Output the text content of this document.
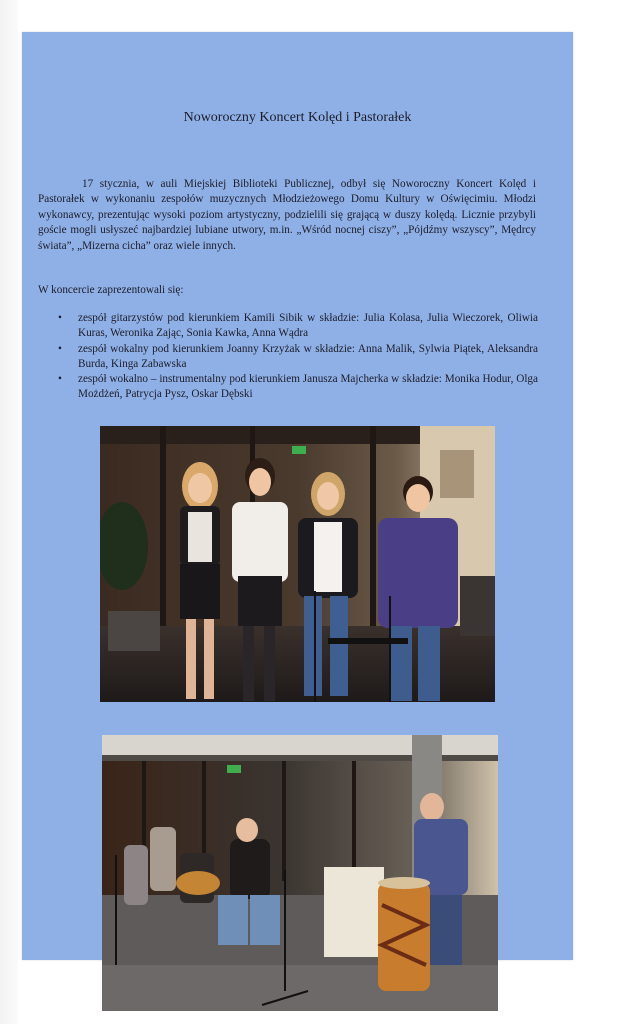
Noworoczny Koncert Kolęd i Pastorałek

17 stycznia, w auli Miejskiej Biblioteki Publicznej, odbył się Noworoczny Koncert Kolęd i Pastorałek w wykonaniu zespołów muzycznych Młodzieżowego Domu Kultury w Oświęcimiu. Młodzi wykonawcy, prezentując wysoki poziom artystyczny, podzielili się grającą w duszy kolędą. Licznie przybyli goście mogli usłyszeć najbardziej lubiane utwory, m.in. „Wśród nocnej ciszy”, „Pójdźmy wszyscy”, Mędrcy świata”, „Mizerna cicha” oraz wiele innych.

W koncercie zaprezentowali się:

• zespół gitarzystów pod kierunkiem Kamili Sibik w składzie: Julia Kolasa, Julia Wieczorek, Oliwia Kuras, Weronika Zając, Sonia Kawka, Anna Wądra
• zespół wokalny pod kierunkiem Joanny Krzyżak w składzie: Anna Malik, Sylwia Piątek, Aleksandra Burda, Kinga Zabawska
• zespół wokalno – instrumentalny pod kierunkiem Janusza Majcherka w składzie: Monika Hodur, Olga Możdżeń, Patrycja Pysz, Oskar Dębski
